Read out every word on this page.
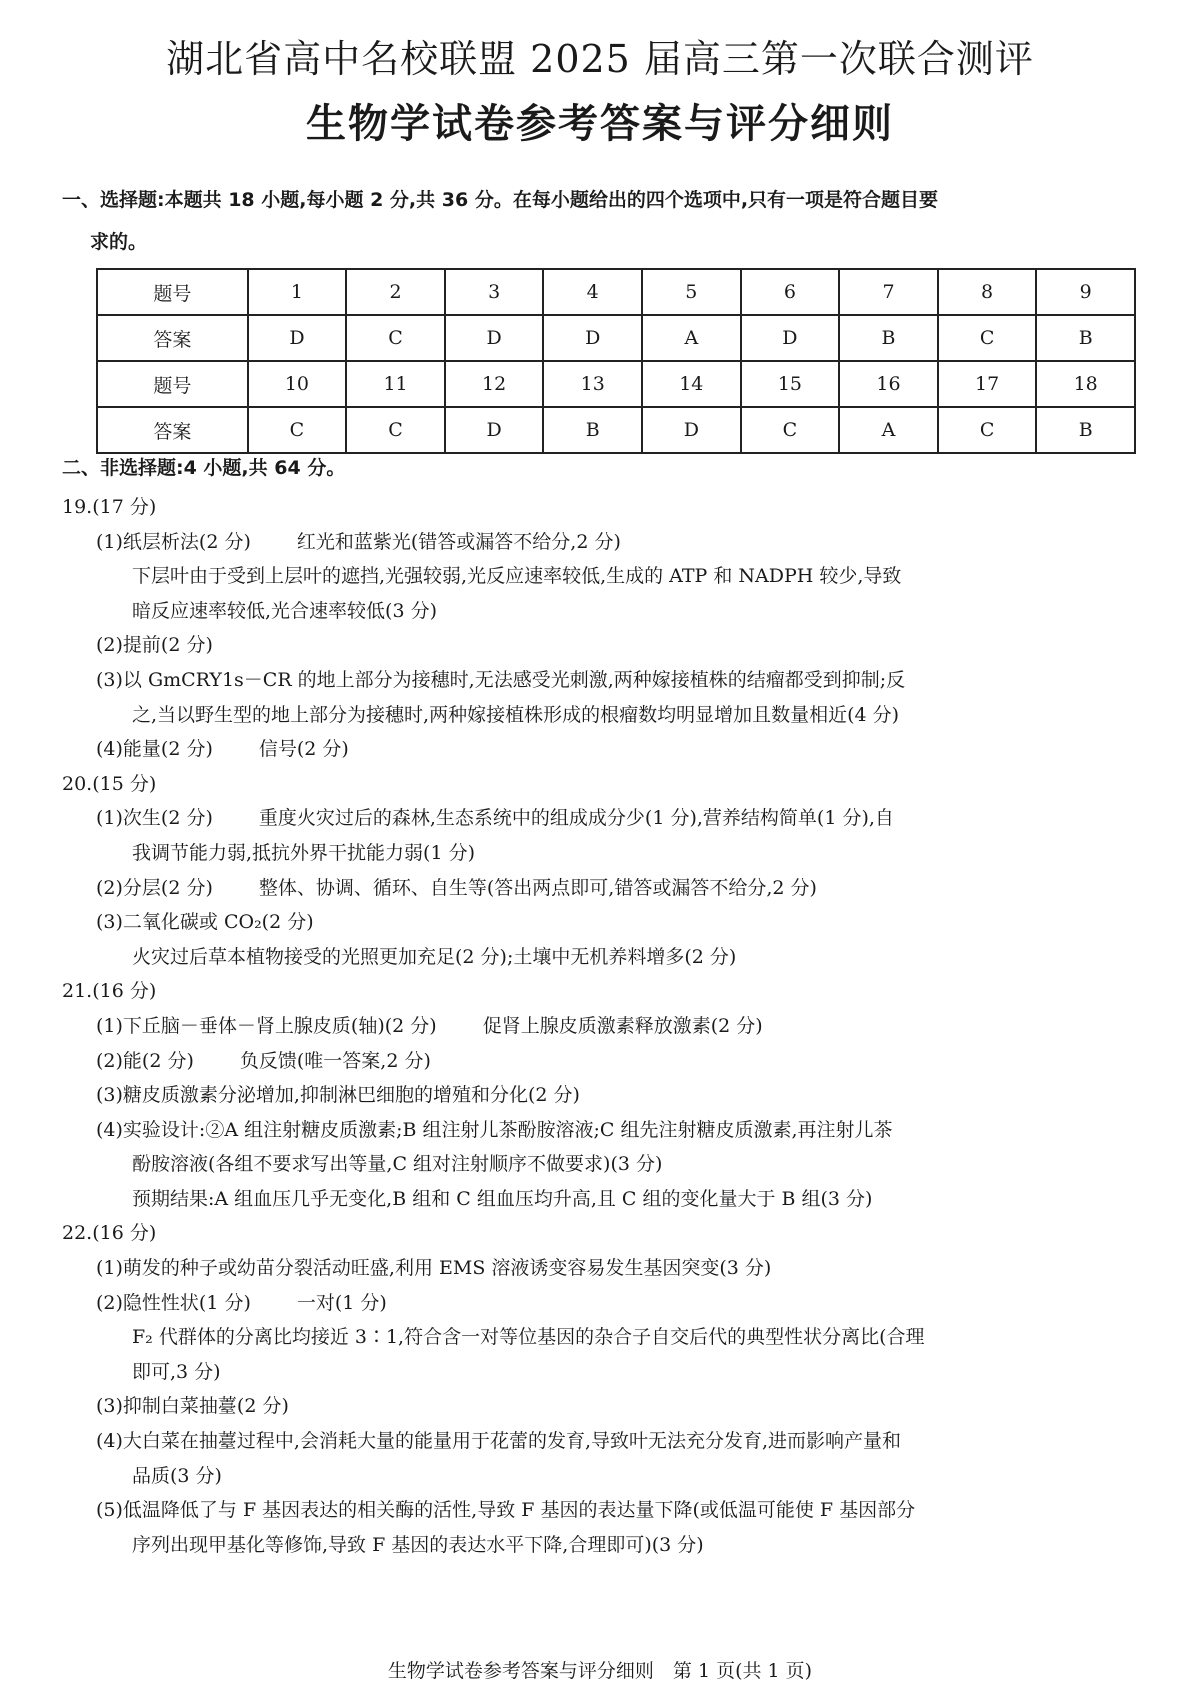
湖北省高中名校联盟 2025 届高三第一次联合测评
生物学试卷参考答案与评分细则
一、选择题:本题共 18 小题,每小题 2 分,共 36 分。在每小题给出的四个选项中,只有一项是符合题目要
求的。
题号	1	2	3	4	5	6	7	8	9
答案	D	C	D	D	A	D	B	C	B
题号	10	11	12	13	14	15	16	17	18
答案	C	C	D	B	D	C	A	C	B
二、非选择题:4 小题,共 64 分。
19.(17 分)
(1)纸层析法(2 分) 红光和蓝紫光(错答或漏答不给分,2 分)
下层叶由于受到上层叶的遮挡,光强较弱,光反应速率较低,生成的 ATP 和 NADPH 较少,导致
暗反应速率较低,光合速率较低(3 分)
(2)提前(2 分)
(3)以 GmCRY1s－CR 的地上部分为接穗时,无法感受光刺激,两种嫁接植株的结瘤都受到抑制;反
之,当以野生型的地上部分为接穗时,两种嫁接植株形成的根瘤数均明显增加且数量相近(4 分)
(4)能量(2 分) 信号(2 分)
20.(15 分)
(1)次生(2 分) 重度火灾过后的森林,生态系统中的组成成分少(1 分),营养结构简单(1 分),自
我调节能力弱,抵抗外界干扰能力弱(1 分)
(2)分层(2 分) 整体、协调、循环、自生等(答出两点即可,错答或漏答不给分,2 分)
(3)二氧化碳或 CO₂(2 分)
火灾过后草本植物接受的光照更加充足(2 分);土壤中无机养料增多(2 分)
21.(16 分)
(1)下丘脑－垂体－肾上腺皮质(轴)(2 分) 促肾上腺皮质激素释放激素(2 分)
(2)能(2 分) 负反馈(唯一答案,2 分)
(3)糖皮质激素分泌增加,抑制淋巴细胞的增殖和分化(2 分)
(4)实验设计:②A 组注射糖皮质激素;B 组注射儿茶酚胺溶液;C 组先注射糖皮质激素,再注射儿茶
酚胺溶液(各组不要求写出等量,C 组对注射顺序不做要求)(3 分)
预期结果:A 组血压几乎无变化,B 组和 C 组血压均升高,且 C 组的变化量大于 B 组(3 分)
22.(16 分)
(1)萌发的种子或幼苗分裂活动旺盛,利用 EMS 溶液诱变容易发生基因突变(3 分)
(2)隐性性状(1 分) 一对(1 分)
F₂ 代群体的分离比均接近 3∶1,符合含一对等位基因的杂合子自交后代的典型性状分离比(合理
即可,3 分)
(3)抑制白菜抽薹(2 分)
(4)大白菜在抽薹过程中,会消耗大量的能量用于花蕾的发育,导致叶无法充分发育,进而影响产量和
品质(3 分)
(5)低温降低了与 F 基因表达的相关酶的活性,导致 F 基因的表达量下降(或低温可能使 F 基因部分
序列出现甲基化等修饰,导致 F 基因的表达水平下降,合理即可)(3 分)
生物学试卷参考答案与评分细则　第 1 页(共 1 页)
